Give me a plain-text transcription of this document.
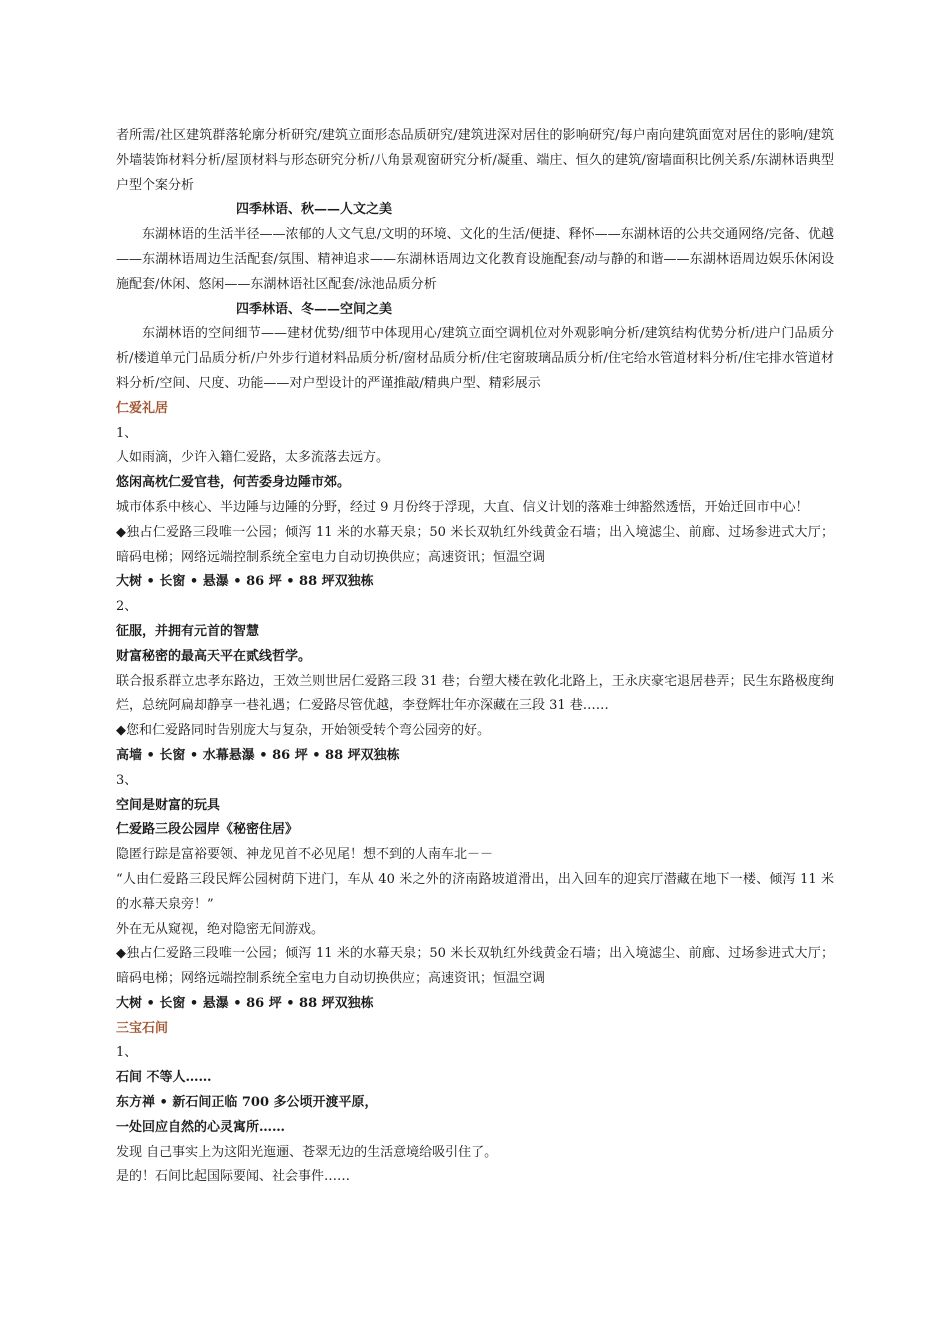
者所需/社区建筑群落轮廓分析研究/建筑立面形态品质研究/建筑进深对居住的影响研究/每户南向建筑面宽对居住的影响/建筑外墙装饰材料分析/屋顶材料与形态研究分析/八角景观窗研究分析/凝重、端庄、恒久的建筑/窗墙面积比例关系/东湖林语典型户型个案分析

四季林语、秋——人文之美

东湖林语的生活半径——浓郁的人文气息/文明的环境、文化的生活/便捷、释怀——东湖林语的公共交通网络/完备、优越——东湖林语周边生活配套/氛围、精神追求——东湖林语周边文化教育设施配套/动与静的和谐——东湖林语周边娱乐休闲设施配套/休闲、悠闲——东湖林语社区配套/泳池品质分析

四季林语、冬——空间之美

东湖林语的空间细节——建材优势/细节中体现用心/建筑立面空调机位对外观影响分析/建筑结构优势分析/进户门品质分析/楼道单元门品质分析/户外步行道材料品质分析/窗材品质分析/住宅窗玻璃品质分析/住宅给水管道材料分析/住宅排水管道材料分析/空间、尺度、功能——对户型设计的严谨推敲/精典户型、精彩展示

仁爱礼居

1、

人如雨滴，少许入籍仁爱路，太多流落去远方。

悠闲高枕仁爱官巷，何苦委身边陲市郊。

城市体系中核心、半边陲与边陲的分野，经过 9 月份终于浮现，大直、信义计划的落难士绅豁然透悟，开始迁回市中心！

◆独占仁爱路三段唯一公园；倾泻 11 米的水幕天泉；50 米长双轨红外线黄金石墙；出入境滤尘、前廊、过场参进式大厅；暗码电梯；网络远端控制系统全室电力自动切换供应；高速资讯；恒温空调

大树 • 长窗 • 悬瀑 • 86 坪 • 88 坪双独栋

2、

征服，并拥有元首的智慧

财富秘密的最高天平在贰线哲学。

联合报系群立忠孝东路边，王效兰则世居仁爱路三段 31 巷；台塑大楼在敦化北路上，王永庆豪宅退居巷弄；民生东路极度绚烂，总统阿扁却静享一巷礼遇；仁爱路尽管优越，李登辉壮年亦深藏在三段 31 巷……

◆您和仁爱路同时告别庞大与复杂，开始领受转个弯公园旁的好。

高墙 • 长窗 • 水幕悬瀑 • 86 坪 • 88 坪双独栋

3、

空间是财富的玩具

仁爱路三段公园岸《秘密住居》

隐匿行踪是富裕要领、神龙见首不必见尾！想不到的人南车北－－

“人由仁爱路三段民辉公园树荫下进门，车从 40 米之外的济南路坡道滑出，出入回车的迎宾厅潜藏在地下一楼、倾泻 11 米的水幕天泉旁！”

外在无从窥视，绝对隐密无间游戏。

◆独占仁爱路三段唯一公园；倾泻 11 米的水幕天泉；50 米长双轨红外线黄金石墙；出入境滤尘、前廊、过场参进式大厅；暗码电梯；网络远端控制系统全室电力自动切换供应；高速资讯；恒温空调

大树 • 长窗 • 悬瀑 • 86 坪 • 88 坪双独栋

三宝石间

1、

石间 不等人……

东方禅 • 新石间正临 700 多公顷开渡平原，

一处回应自然的心灵寓所……

发现 自己事实上为这阳光迤逦、苍翠无边的生活意境给吸引住了。

是的！石间比起国际要闻、社会事件……
